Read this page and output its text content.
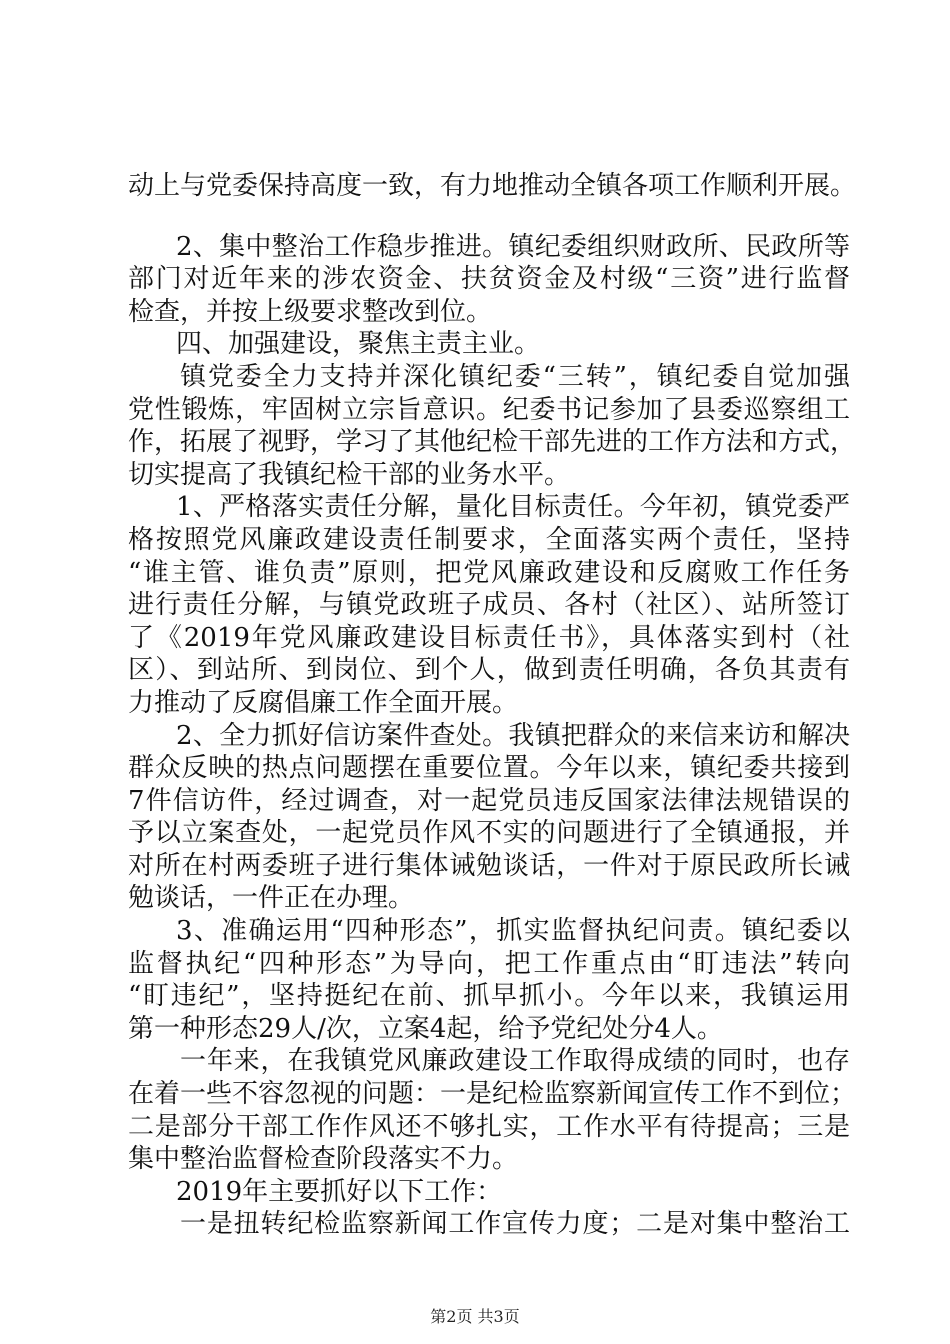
动上与党委保持高度一致，有力地推动全镇各项工作顺利开展。
2、集中整治工作稳步推进。镇纪委组织财政所、民政所等
部门对近年来的涉农资金、扶贫资金及村级“三资”进行监督
检查，并按上级要求整改到位。
四、加强建设，聚焦主责主业。
镇党委全力支持并深化镇纪委“三转”，镇纪委自觉加强
党性锻炼，牢固树立宗旨意识。纪委书记参加了县委巡察组工
作，拓展了视野，学习了其他纪检干部先进的工作方法和方式，
切实提高了我镇纪检干部的业务水平。
1、严格落实责任分解，量化目标责任。今年初，镇党委严
格按照党风廉政建设责任制要求，全面落实两个责任，坚持
“谁主管、谁负责”原则，把党风廉政建设和反腐败工作任务
进行责任分解，与镇党政班子成员、各村（社区）、站所签订
了《2019年党风廉政建设目标责任书》，具体落实到村（社
区）、到站所、到岗位、到个人，做到责任明确，各负其责有
力推动了反腐倡廉工作全面开展。
2、全力抓好信访案件查处。我镇把群众的来信来访和解决
群众反映的热点问题摆在重要位置。今年以来，镇纪委共接到
7件信访件，经过调查，对一起党员违反国家法律法规错误的
予以立案查处，一起党员作风不实的问题进行了全镇通报，并
对所在村两委班子进行集体诫勉谈话，一件对于原民政所长诫
勉谈话，一件正在办理。
3、准确运用“四种形态”，抓实监督执纪问责。镇纪委以
监督执纪“四种形态”为导向，把工作重点由“盯违法”转向
“盯违纪”，坚持挺纪在前、抓早抓小。今年以来，我镇运用
第一种形态29人/次，立案4起，给予党纪处分4人。
一年来，在我镇党风廉政建设工作取得成绩的同时，也存
在着一些不容忽视的问题：一是纪检监察新闻宣传工作不到位；
二是部分干部工作作风还不够扎实，工作水平有待提高；三是
集中整治监督检查阶段落实不力。
2019年主要抓好以下工作：
一是扭转纪检监察新闻工作宣传力度；二是对集中整治工
第2页 共3页
